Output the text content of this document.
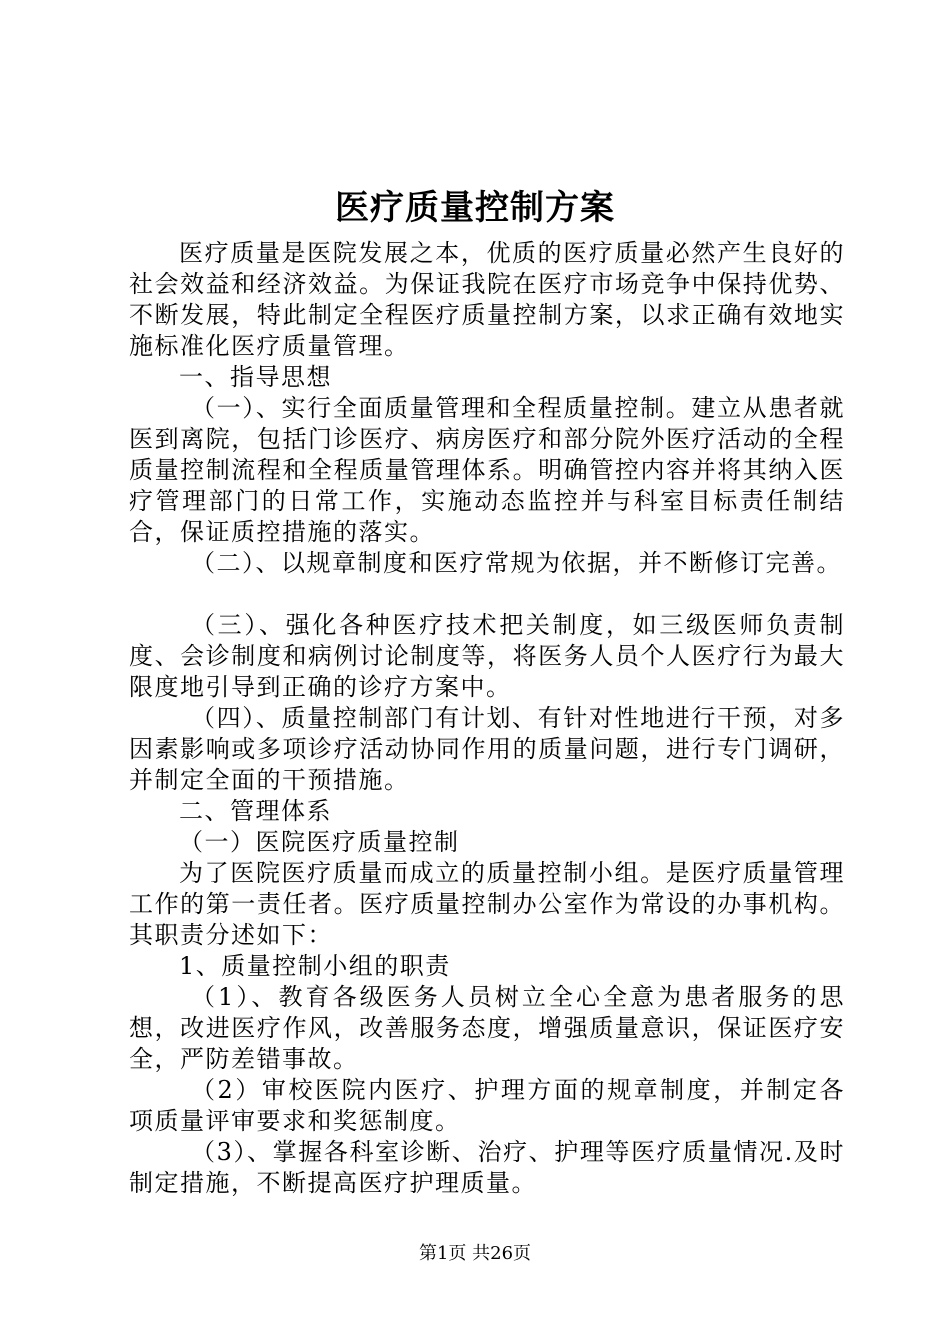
医疗质量控制方案

医疗质量是医院发展之本，优质的医疗质量必然产生良好的社会效益和经济效益。为保证我院在医疗市场竞争中保持优势、不断发展，特此制定全程医疗质量控制方案，以求正确有效地实施标准化医疗质量管理。

一、指导思想

（一）、实行全面质量管理和全程质量控制。建立从患者就医到离院，包括门诊医疗、病房医疗和部分院外医疗活动的全程质量控制流程和全程质量管理体系。明确管控内容并将其纳入医疗管理部门的日常工作，实施动态监控并与科室目标责任制结合，保证质控措施的落实。

（二）、以规章制度和医疗常规为依据，并不断修订完善。

（三）、强化各种医疗技术把关制度，如三级医师负责制度、会诊制度和病例讨论制度等，将医务人员个人医疗行为最大限度地引导到正确的诊疗方案中。

（四）、质量控制部门有计划、有针对性地进行干预，对多因素影响或多项诊疗活动协同作用的质量问题，进行专门调研，并制定全面的干预措施。

二、管理体系

（一）医院医疗质量控制

为了医院医疗质量而成立的质量控制小组。是医疗质量管理工作的第一责任者。医疗质量控制办公室作为常设的办事机构。其职责分述如下：

1、质量控制小组的职责

（1）、教育各级医务人员树立全心全意为患者服务的思想，改进医疗作风，改善服务态度，增强质量意识，保证医疗安全，严防差错事故。

（2）审校医院内医疗、护理方面的规章制度，并制定各项质量评审要求和奖惩制度。

（3）、掌握各科室诊断、治疗、护理等医疗质量情况.及时制定措施，不断提高医疗护理质量。

第1页 共26页
